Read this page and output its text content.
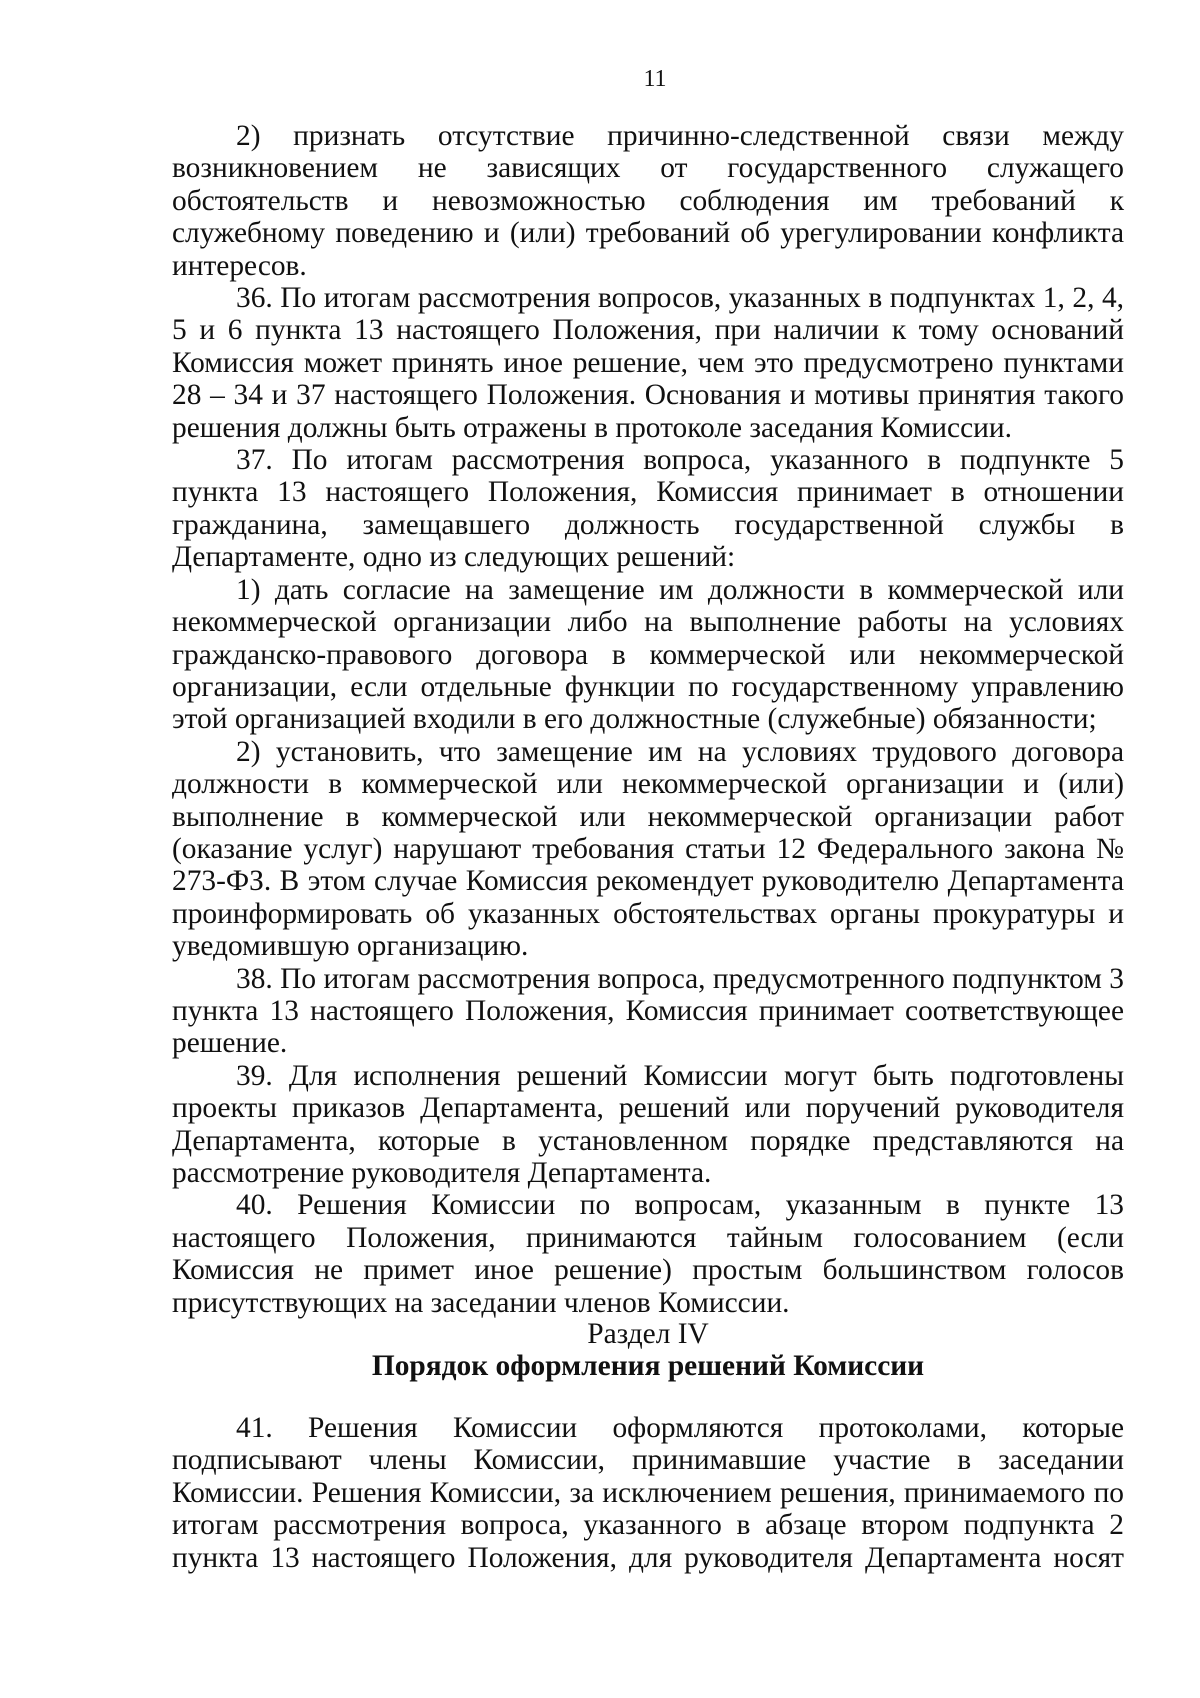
11

2) признать отсутствие причинно-следственной связи между возникновением не зависящих от государственного служащего обстоятельств и невозможностью соблюдения им требований к служебному поведению и (или) требований об урегулировании конфликта интересов.

36. По итогам рассмотрения вопросов, указанных в подпунктах 1, 2, 4, 5 и 6 пункта 13 настоящего Положения, при наличии к тому оснований Комиссия может принять иное решение, чем это предусмотрено пунктами 28 – 34 и 37 настоящего Положения. Основания и мотивы принятия такого решения должны быть отражены в протоколе заседания Комиссии.

37. По итогам рассмотрения вопроса, указанного в подпункте 5 пункта 13 настоящего Положения, Комиссия принимает в отношении гражданина, замещавшего должность государственной службы в Департаменте, одно из следующих решений:

1) дать согласие на замещение им должности в коммерческой или некоммерческой организации либо на выполнение работы на условиях гражданско-правового договора в коммерческой или некоммерческой организации, если отдельные функции по государственному управлению этой организацией входили в его должностные (служебные) обязанности;

2) установить, что замещение им на условиях трудового договора должности в коммерческой или некоммерческой организации и (или) выполнение в коммерческой или некоммерческой организации работ (оказание услуг) нарушают требования статьи 12 Федерального закона № 273-ФЗ. В этом случае Комиссия рекомендует руководителю Департамента проинформировать об указанных обстоятельствах органы прокуратуры и уведомившую организацию.

38. По итогам рассмотрения вопроса, предусмотренного подпунктом 3 пункта 13 настоящего Положения, Комиссия принимает соответствующее решение.

39. Для исполнения решений Комиссии могут быть подготовлены проекты приказов Департамента, решений или поручений руководителя Департамента, которые в установленном порядке представляются на рассмотрение руководителя Департамента.

40. Решения Комиссии по вопросам, указанным в пункте 13 настоящего Положения, принимаются тайным голосованием (если Комиссия не примет иное решение) простым большинством голосов присутствующих на заседании членов Комиссии.

Раздел IV
Порядок оформления решений Комиссии

41. Решения Комиссии оформляются протоколами, которые подписывают члены Комиссии, принимавшие участие в заседании Комиссии. Решения Комиссии, за исключением решения, принимаемого по итогам рассмотрения вопроса, указанного в абзаце втором подпункта 2 пункта 13 настоящего Положения, для руководителя Департамента носят
